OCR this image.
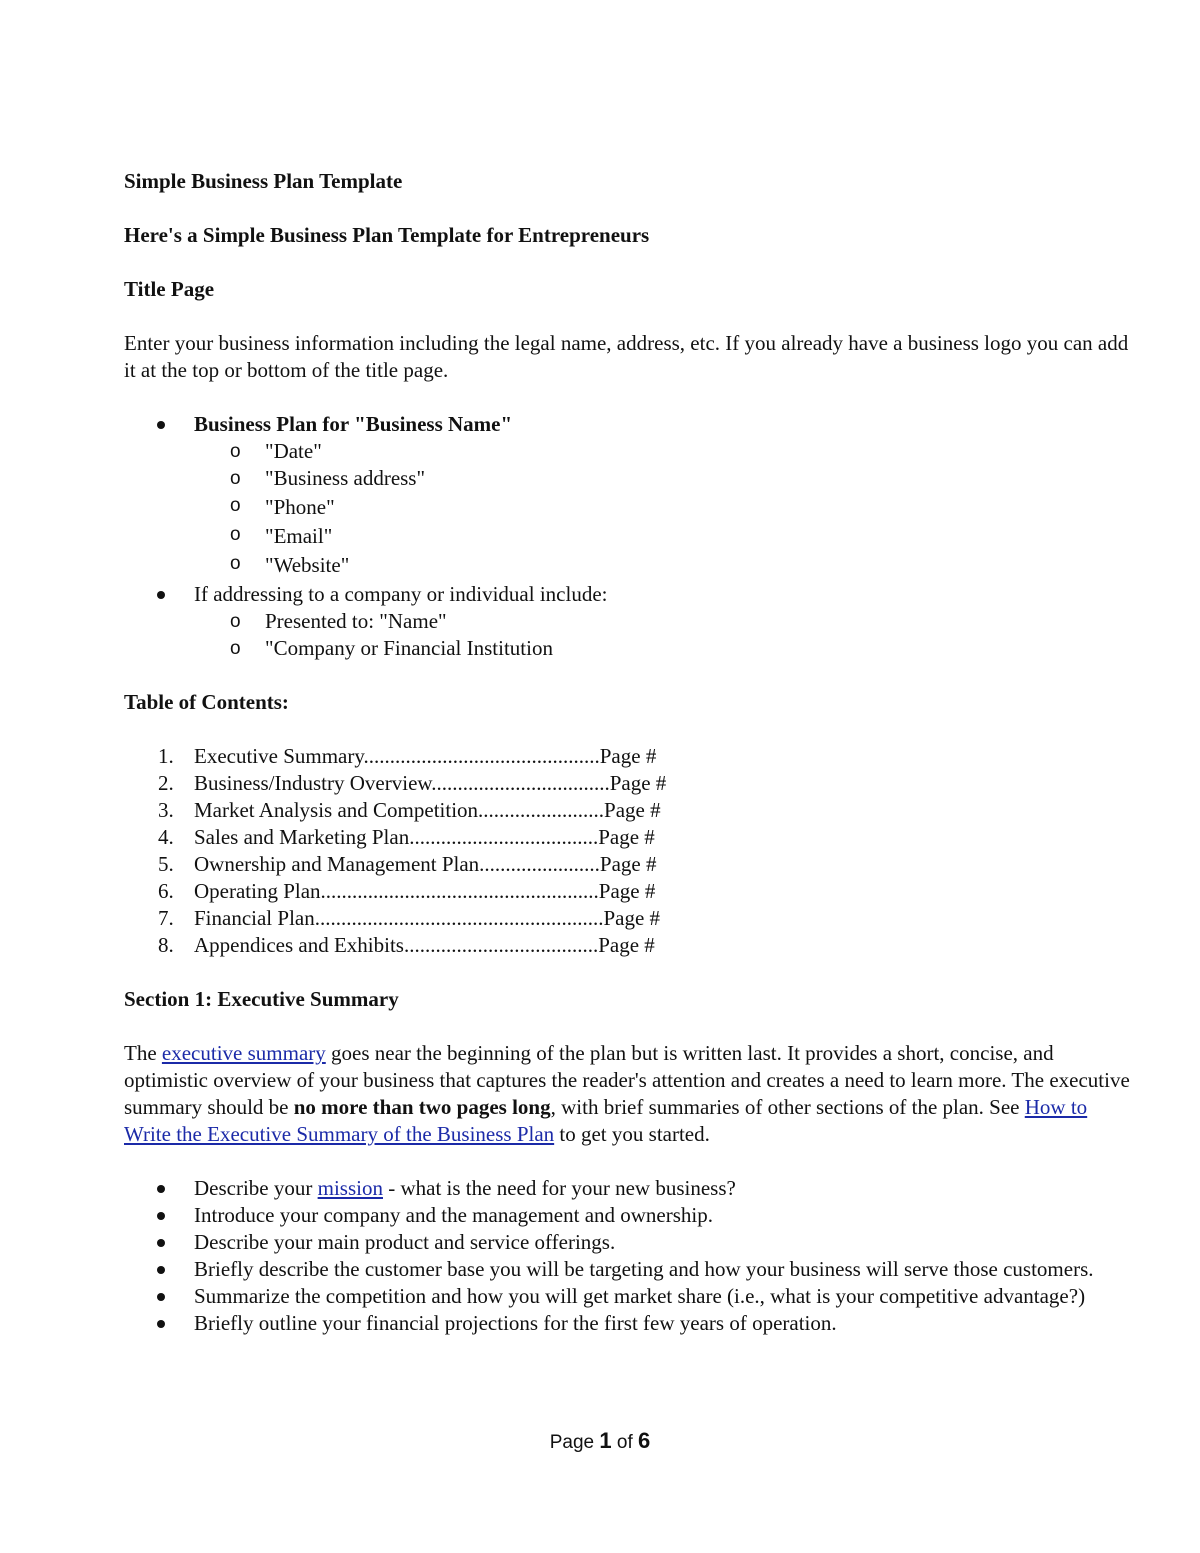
Simple Business Plan Template

Here's a Simple Business Plan Template for Entrepreneurs

Title Page

Enter your business information including the legal name, address, etc. If you already have a business logo you can add it at the top or bottom of the title page.

Business Plan for "Business Name"
o "Date"
o "Business address"
o "Phone"
o "Email"
o "Website"
If addressing to a company or individual include:
o Presented to: "Name"
o "Company or Financial Institution

Table of Contents:

1. Executive Summary.............................................Page #
2. Business/Industry Overview..................................Page #
3. Market Analysis and Competition........................Page #
4. Sales and Marketing Plan....................................Page #
5. Ownership and Management Plan.......................Page #
6. Operating Plan.....................................................Page #
7. Financial Plan.......................................................Page #
8. Appendices and Exhibits.....................................Page #

Section 1: Executive Summary

The executive summary goes near the beginning of the plan but is written last. It provides a short, concise, and optimistic overview of your business that captures the reader's attention and creates a need to learn more. The executive summary should be no more than two pages long, with brief summaries of other sections of the plan. See How to Write the Executive Summary of the Business Plan to get you started.

Describe your mission - what is the need for your new business?
Introduce your company and the management and ownership.
Describe your main product and service offerings.
Briefly describe the customer base you will be targeting and how your business will serve those customers.
Summarize the competition and how you will get market share (i.e., what is your competitive advantage?)
Briefly outline your financial projections for the first few years of operation.
Page 1 of 6
